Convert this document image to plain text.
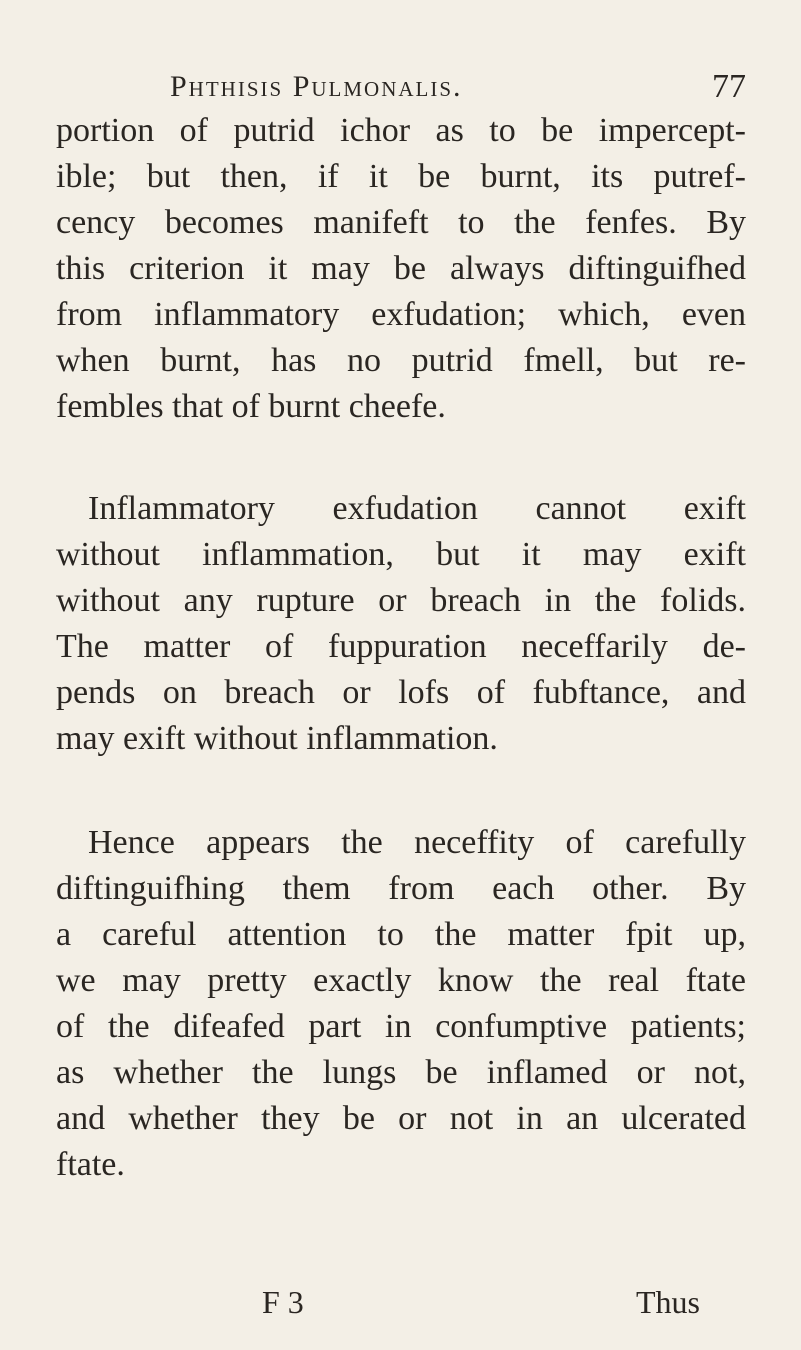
Phthisis Pulmonalis.	77
portion of putrid ichor as to be impercept-
ible; but then, if it be burnt, its putref-
cency becomes manifeft to the fenfes. By
this criterion it may be always diftinguifhed
from inflammatory exfudation; which, even
when burnt, has no putrid fmell, but re-
fembles that of burnt cheefe.
Inflammatory exfudation cannot exift
without inflammation, but it may exift
without any rupture or breach in the folids.
The matter of fuppuration neceffarily de-
pends on breach or lofs of fubftance, and
may exift without inflammation.
Hence appears the neceffity of carefully
diftinguifhing them from each other. By
a careful attention to the matter fpit up,
we may pretty exactly know the real ftate
of the difeafed part in confumptive patients;
as whether the lungs be inflamed or not,
and whether they be or not in an ulcerated
ftate.
F 3	Thus
